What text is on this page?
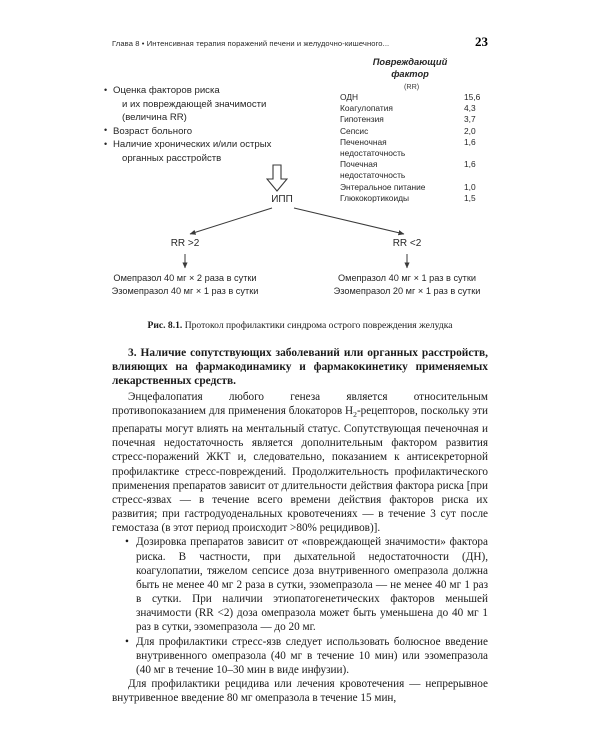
Глава 8 • Интенсивная терапия поражений печени и желудочно-кишечного...	23
Повреждающий
фактор
(RR)
ОДН	15,6
Коагулопатия	4,3
Гипотензия	3,7
Сепсис	2,0
Печеночная	1,6
недостаточность
Почечная	1,6
недостаточность
Энтеральное питание	1,0
Глюкокортикоиды	1,5
• Оценка факторов риска
и их повреждающей значимости
(величина RR)
• Возраст больного
• Наличие хронических и/или острых
органных расстройств
ИПП
RR >2	RR <2
Омепразол 40 мг × 2 раза в сутки
Эзомепразол 40 мг × 1 раз в сутки
Омепразол 40 мг × 1 раз в сутки
Эзомепразол 20 мг × 1 раз в сутки
Рис. 8.1. Протокол профилактики синдрома острого повреждения желудка

3. Наличие сопутствующих заболеваний или органных расстройств, влияющих на фармакодинамику и фармакокинетику применяемых лекарственных средств.

Энцефалопатия любого генеза является относительным противопоказанием для применения блокаторов $H_2$-рецепторов, поскольку эти препараты могут влиять на ментальный статус. Сопутствующая печеночная и почечная недостаточность является дополнительным фактором развития стресс-поражений ЖКТ и, следовательно, показанием к антисекреторной профилактике стресс-повреждений. Продолжительность профилактического применения препаратов зависит от длительности действия фактора риска [при стресс-язвах — в течение всего времени действия факторов риска их развития; при гастродуоденальных кровотечениях — в течение 3 сут после гемостаза (в этот период происходит >80% рецидивов)].

• Дозировка препаратов зависит от «повреждающей значимости» фактора риска. В частности, при дыхательной недостаточности (ДН), коагулопатии, тяжелом сепсисе доза внутривенного омепразола должна быть не менее 40 мг 2 раза в сутки, эзомепразола — не менее 40 мг 1 раз в сутки. При наличии этиопатогенетических факторов меньшей значимости (RR <2) доза омепразола может быть уменьшена до 40 мг 1 раз в сутки, эзомепразола — до 20 мг.
• Для профилактики стресс-язв следует использовать болюсное введение внутривенного омепразола (40 мг в течение 10 мин) или эзомепразола (40 мг в течение 10–30 мин в виде инфузии).

Для профилактики рецидива или лечения кровотечения — непрерывное внутривенное введение 80 мг омепразола в течение 15 мин,
